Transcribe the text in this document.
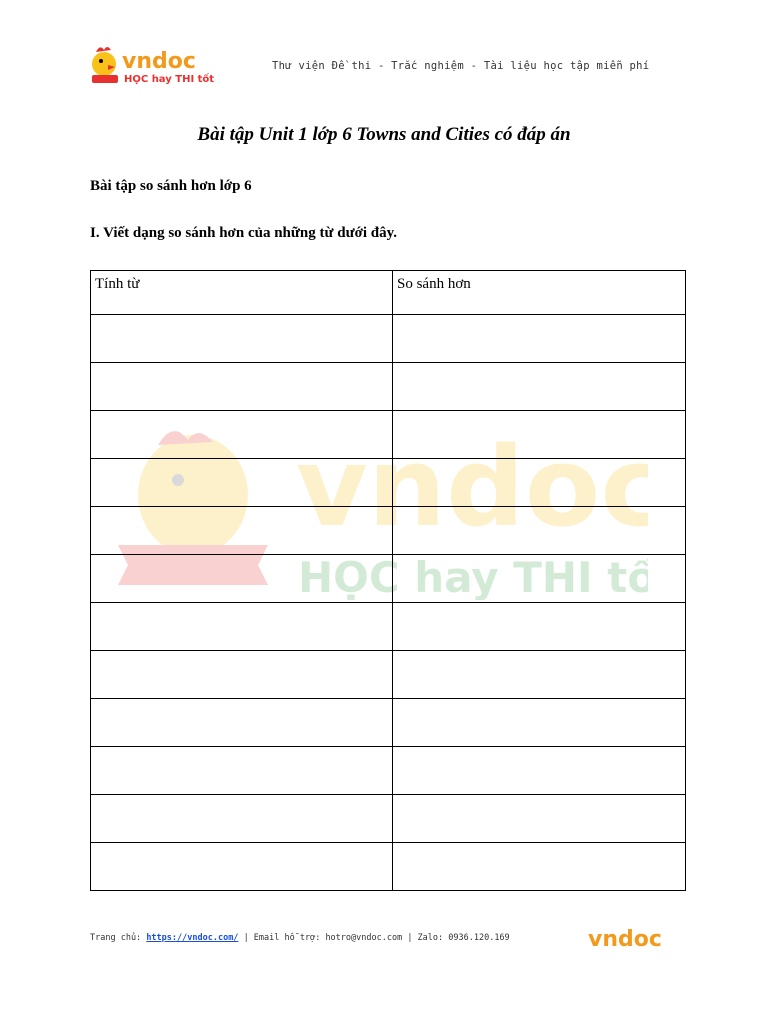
vndoc
HỌC hay THI tốt
Thư viện Đề thi - Trắc nghiệm - Tài liệu học tập miễn phí
Bài tập Unit 1 lớp 6 Towns and Cities có đáp án
Bài tập so sánh hơn lớp 6
I. Viết dạng so sánh hơn của những từ dưới đây.
vndoc
HỌC hay THI tốt
Tính từ	So sánh hơn

Trang chủ: https://vndoc.com/ | Email hỗ trợ: hotro@vndoc.com | Zalo: 0936.120.169	vndoc
